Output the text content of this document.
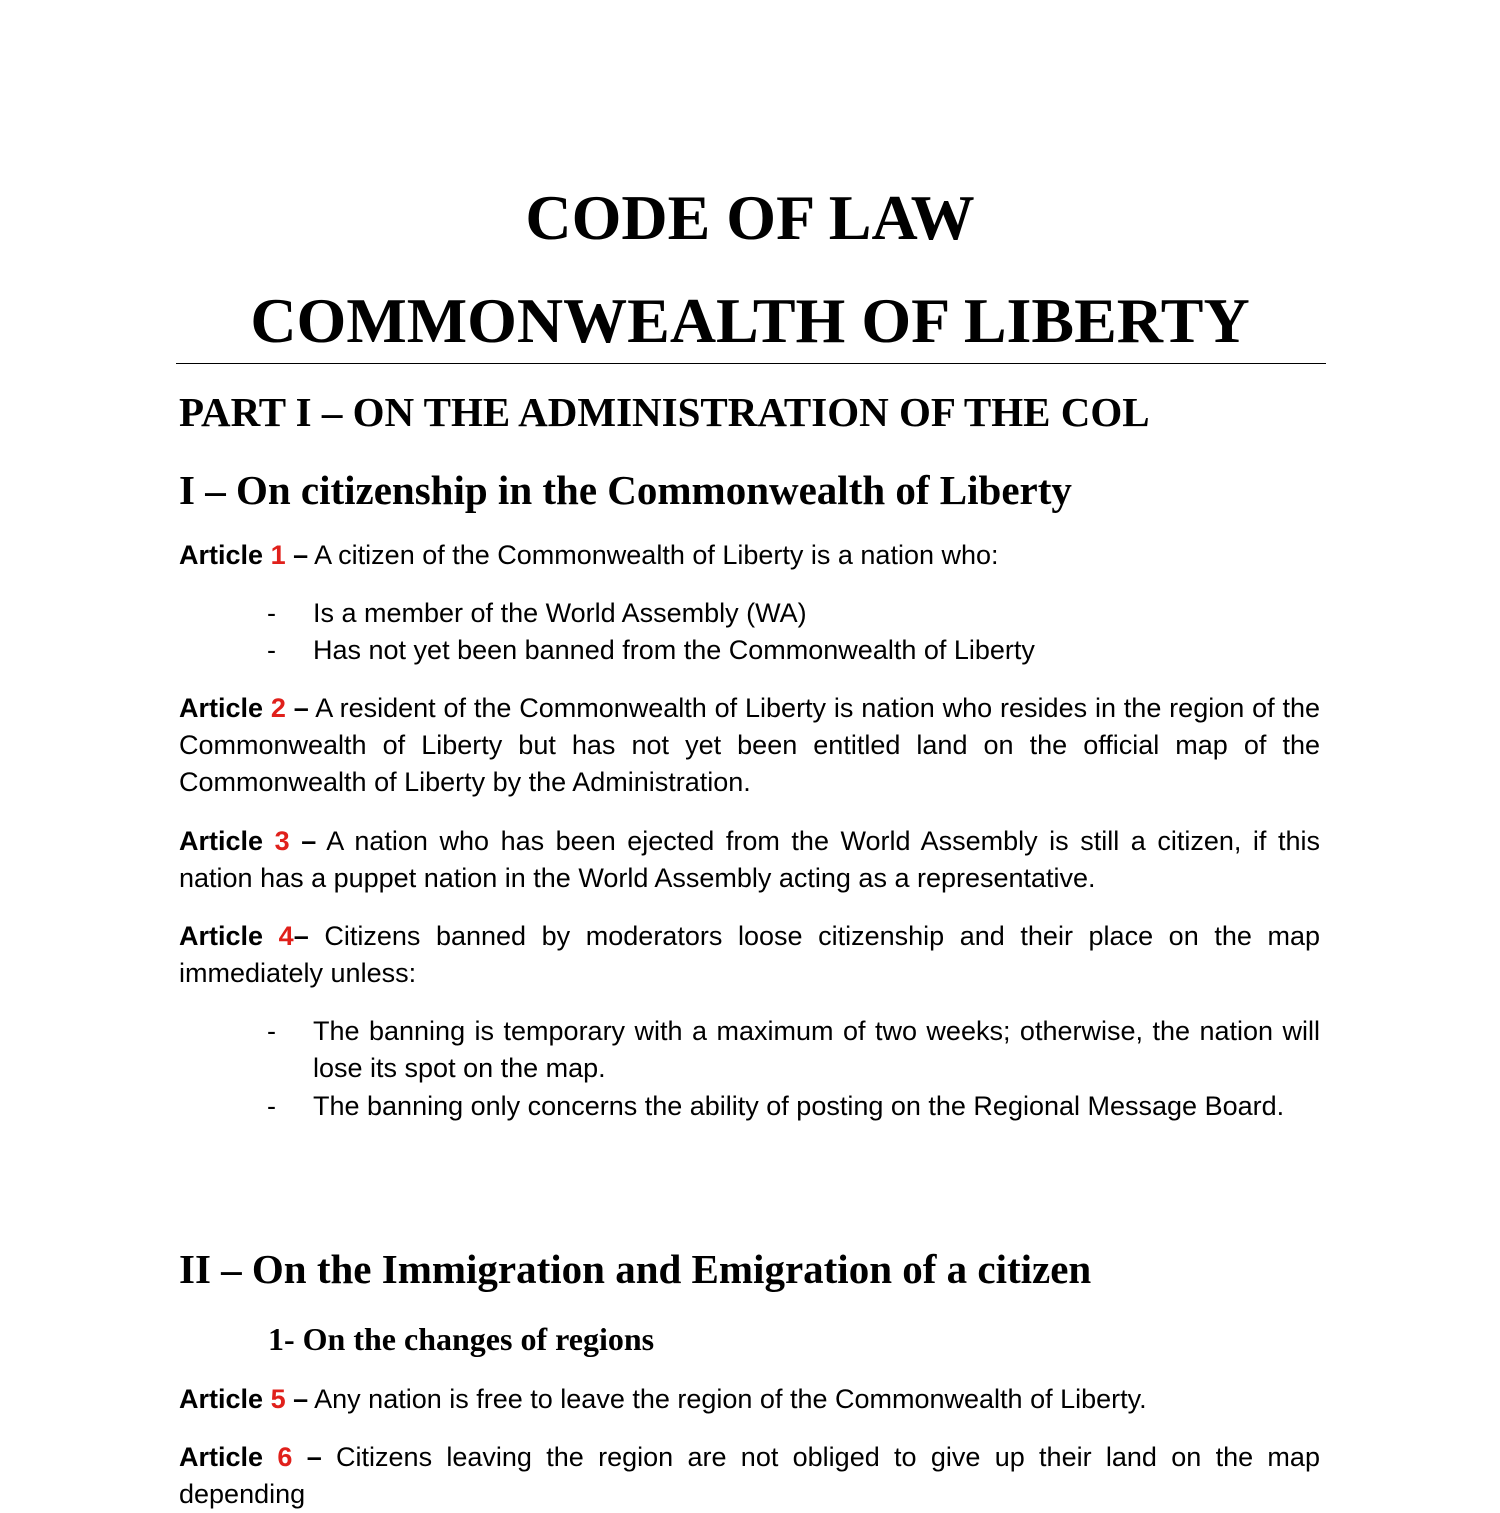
CODE OF LAW
COMMONWEALTH OF LIBERTY
PART I – ON THE ADMINISTRATION OF THE COL
I – On citizenship in the Commonwealth of Liberty

Article 1 – A citizen of the Commonwealth of Liberty is a nation who:

- Is a member of the World Assembly (WA)
- Has not yet been banned from the Commonwealth of Liberty

Article 2 – A resident of the Commonwealth of Liberty is nation who resides in the region of the Commonwealth of Liberty but has not yet been entitled land on the official map of the Commonwealth of Liberty by the Administration.

Article 3 – A nation who has been ejected from the World Assembly is still a citizen, if this nation has a puppet nation in the World Assembly acting as a representative.

Article 4– Citizens banned by moderators loose citizenship and their place on the map immediately unless:

- The banning is temporary with a maximum of two weeks; otherwise, the nation will lose its spot on the map.
- The banning only concerns the ability of posting on the Regional Message Board.
II – On the Immigration and Emigration of a citizen
1- On the changes of regions

Article 5 – Any nation is free to leave the region of the Commonwealth of Liberty.

Article 6 – Citizens leaving the region are not obliged to give up their land on the map depending
